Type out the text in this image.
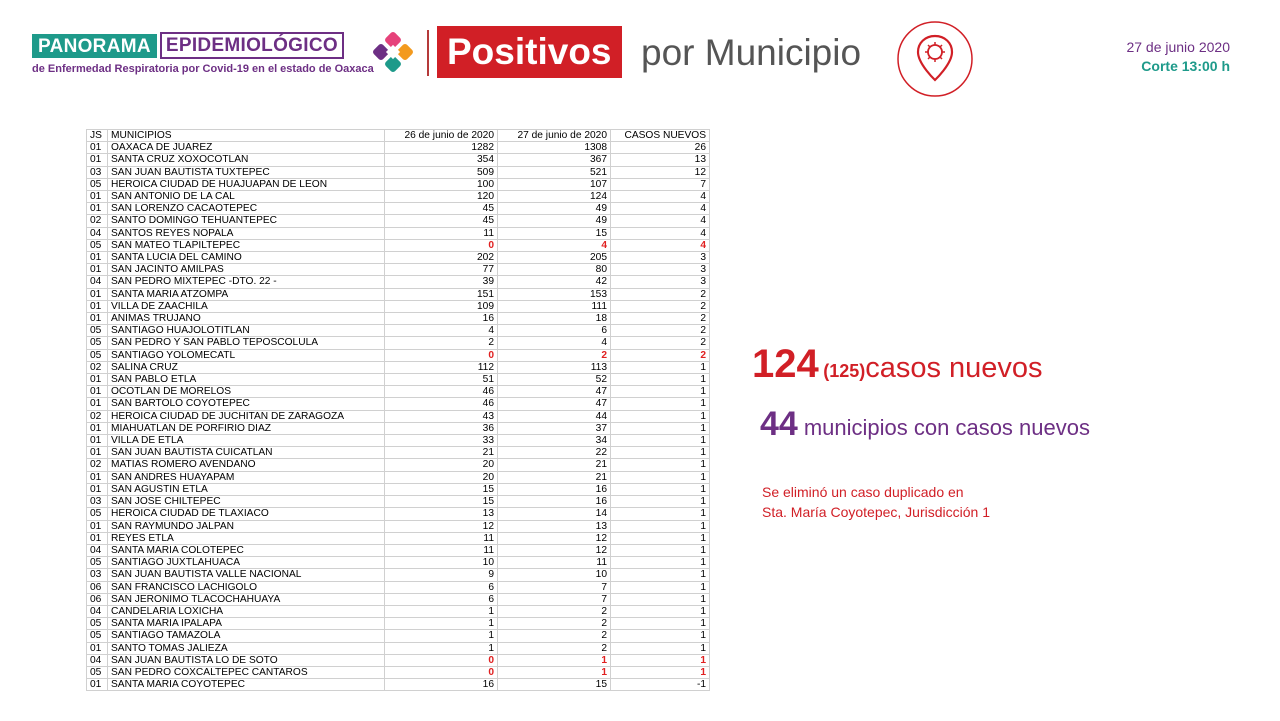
PANORAMA EPIDEMIOLÓGICO
de Enfermedad Respiratoria por Covid-19 en el estado de Oaxaca Positivos por Municipio	27 de junio 2020
Corte 13:00 h
JS	MUNICIPIOS	26 de junio de 2020	27 de junio de 2020	CASOS NUEVOS
01	OAXACA DE JUAREZ	1282	1308	26
01	SANTA CRUZ XOXOCOTLAN	354	367	13
03	SAN JUAN BAUTISTA TUXTEPEC	509	521	12
05	HEROICA CIUDAD DE HUAJUAPAN DE LEON	100	107	7
01	SAN ANTONIO DE LA CAL	120	124	4
01	SAN LORENZO CACAOTEPEC	45	49	4
02	SANTO DOMINGO TEHUANTEPEC	45	49	4
04	SANTOS REYES NOPALA	11	15	4
05	SAN MATEO TLAPILTEPEC	0	4	4
01	SANTA LUCIA DEL CAMINO	202	205	3
01	SAN JACINTO AMILPAS	77	80	3
04	SAN PEDRO MIXTEPEC -DTO. 22 -	39	42	3
01	SANTA MARIA ATZOMPA	151	153	2
01	VILLA DE ZAACHILA	109	111	2
01	ANIMAS TRUJANO	16	18	2
05	SANTIAGO HUAJOLOTITLAN	4	6	2
05	SAN PEDRO Y SAN PABLO TEPOSCOLULA	2	4	2
05	SANTIAGO YOLOMECATL	0	2	2
02	SALINA CRUZ	112	113	1
01	SAN PABLO ETLA	51	52	1
01	OCOTLAN DE MORELOS	46	47	1
01	SAN BARTOLO COYOTEPEC	46	47	1
02	HEROICA CIUDAD DE JUCHITAN DE ZARAGOZA	43	44	1
01	MIAHUATLAN DE PORFIRIO DIAZ	36	37	1
01	VILLA DE ETLA	33	34	1
01	SAN JUAN BAUTISTA CUICATLAN	21	22	1
02	MATIAS ROMERO AVENDAÑO	20	21	1
01	SAN ANDRES HUAYAPAM	20	21	1
01	SAN AGUSTIN ETLA	15	16	1
03	SAN JOSE CHILTEPEC	15	16	1
05	HEROICA CIUDAD DE TLAXIACO	13	14	1
01	SAN RAYMUNDO JALPAN	12	13	1
01	REYES ETLA	11	12	1
04	SANTA MARIA COLOTEPEC	11	12	1
05	SANTIAGO JUXTLAHUACA	10	11	1
03	SAN JUAN BAUTISTA VALLE NACIONAL	9	10	1
06	SAN FRANCISCO LACHIGOLO	6	7	1
06	SAN JERONIMO TLACOCHAHUAYA	6	7	1
04	CANDELARIA LOXICHA	1	2	1
05	SANTA MARIA IPALAPA	1	2	1
05	SANTIAGO TAMAZOLA	1	2	1
01	SANTO TOMAS JALIEZA	1	2	1
04	SAN JUAN BAUTISTA LO DE SOTO	0	1	1
05	SAN PEDRO COXCALTEPEC CANTAROS	0	1	1
01	SANTA MARIA COYOTEPEC	16	15	-1
124 (125)casos nuevos
44 municipios con casos nuevos
Se eliminó un caso duplicado en
Sta. María Coyotepec, Jurisdicción 1
